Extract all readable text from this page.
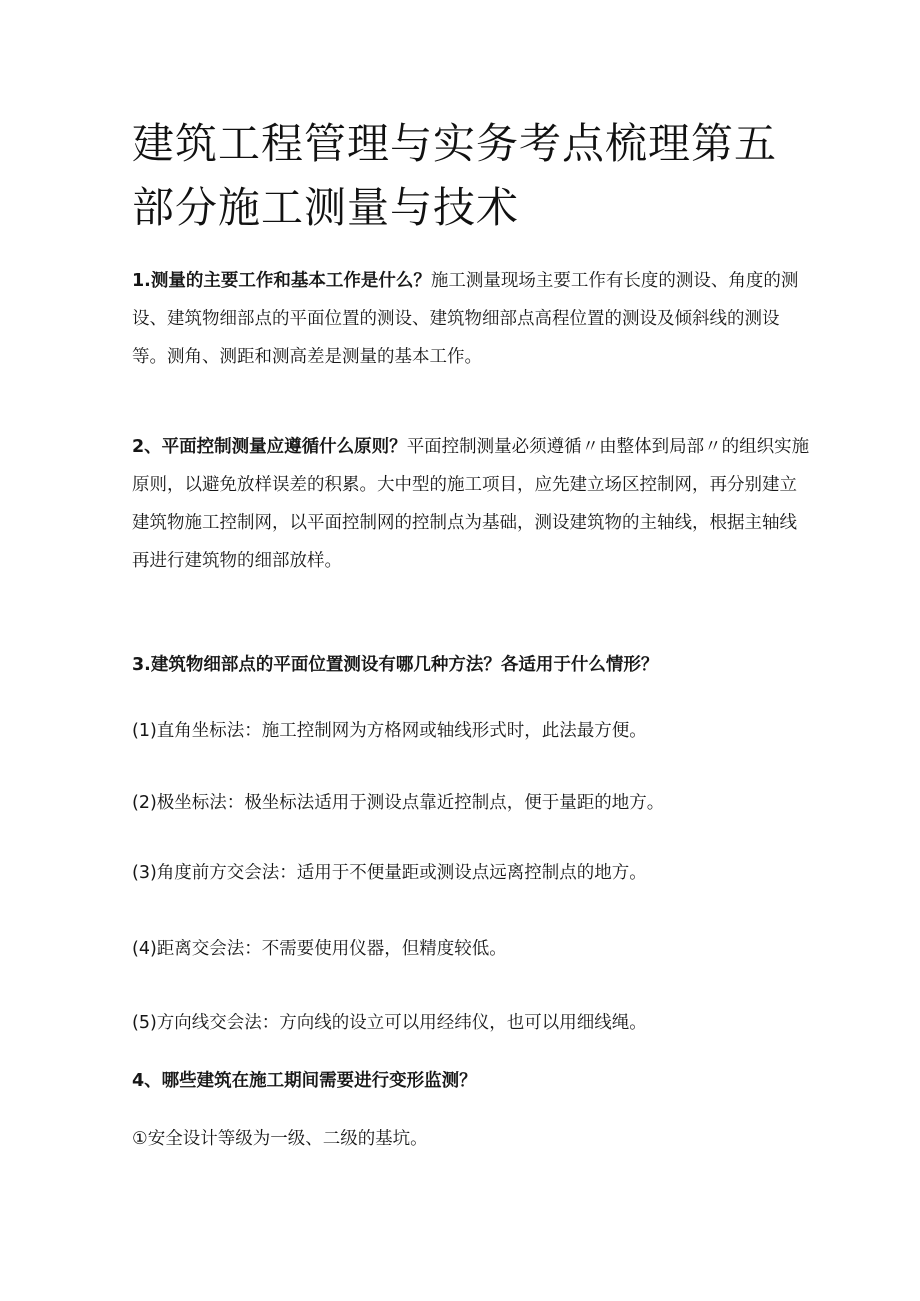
建筑工程管理与实务考点梳理第五部分施工测量与技术

1.测量的主要工作和基本工作是什么？施工测量现场主要工作有长度的测设、角度的测设、建筑物细部点的平面位置的测设、建筑物细部点高程位置的测设及倾斜线的测设等。测角、测距和测高差是测量的基本工作。

2、平面控制测量应遵循什么原则？平面控制测量必须遵循〃由整体到局部〃的组织实施原则，以避免放样误差的积累。大中型的施工项目，应先建立场区控制网，再分别建立建筑物施工控制网，以平面控制网的控制点为基础，测设建筑物的主轴线，根据主轴线再进行建筑物的细部放样。

3.建筑物细部点的平面位置测设有哪几种方法？各适用于什么情形？

(1)直角坐标法：施工控制网为方格网或轴线形式时，此法最方便。

(2)极坐标法：极坐标法适用于测设点靠近控制点，便于量距的地方。

(3)角度前方交会法：适用于不便量距或测设点远离控制点的地方。

(4)距离交会法：不需要使用仪器，但精度较低。

(5)方向线交会法：方向线的设立可以用经纬仪，也可以用细线绳。

4、哪些建筑在施工期间需要进行变形监测？

①安全设计等级为一级、二级的基坑。
